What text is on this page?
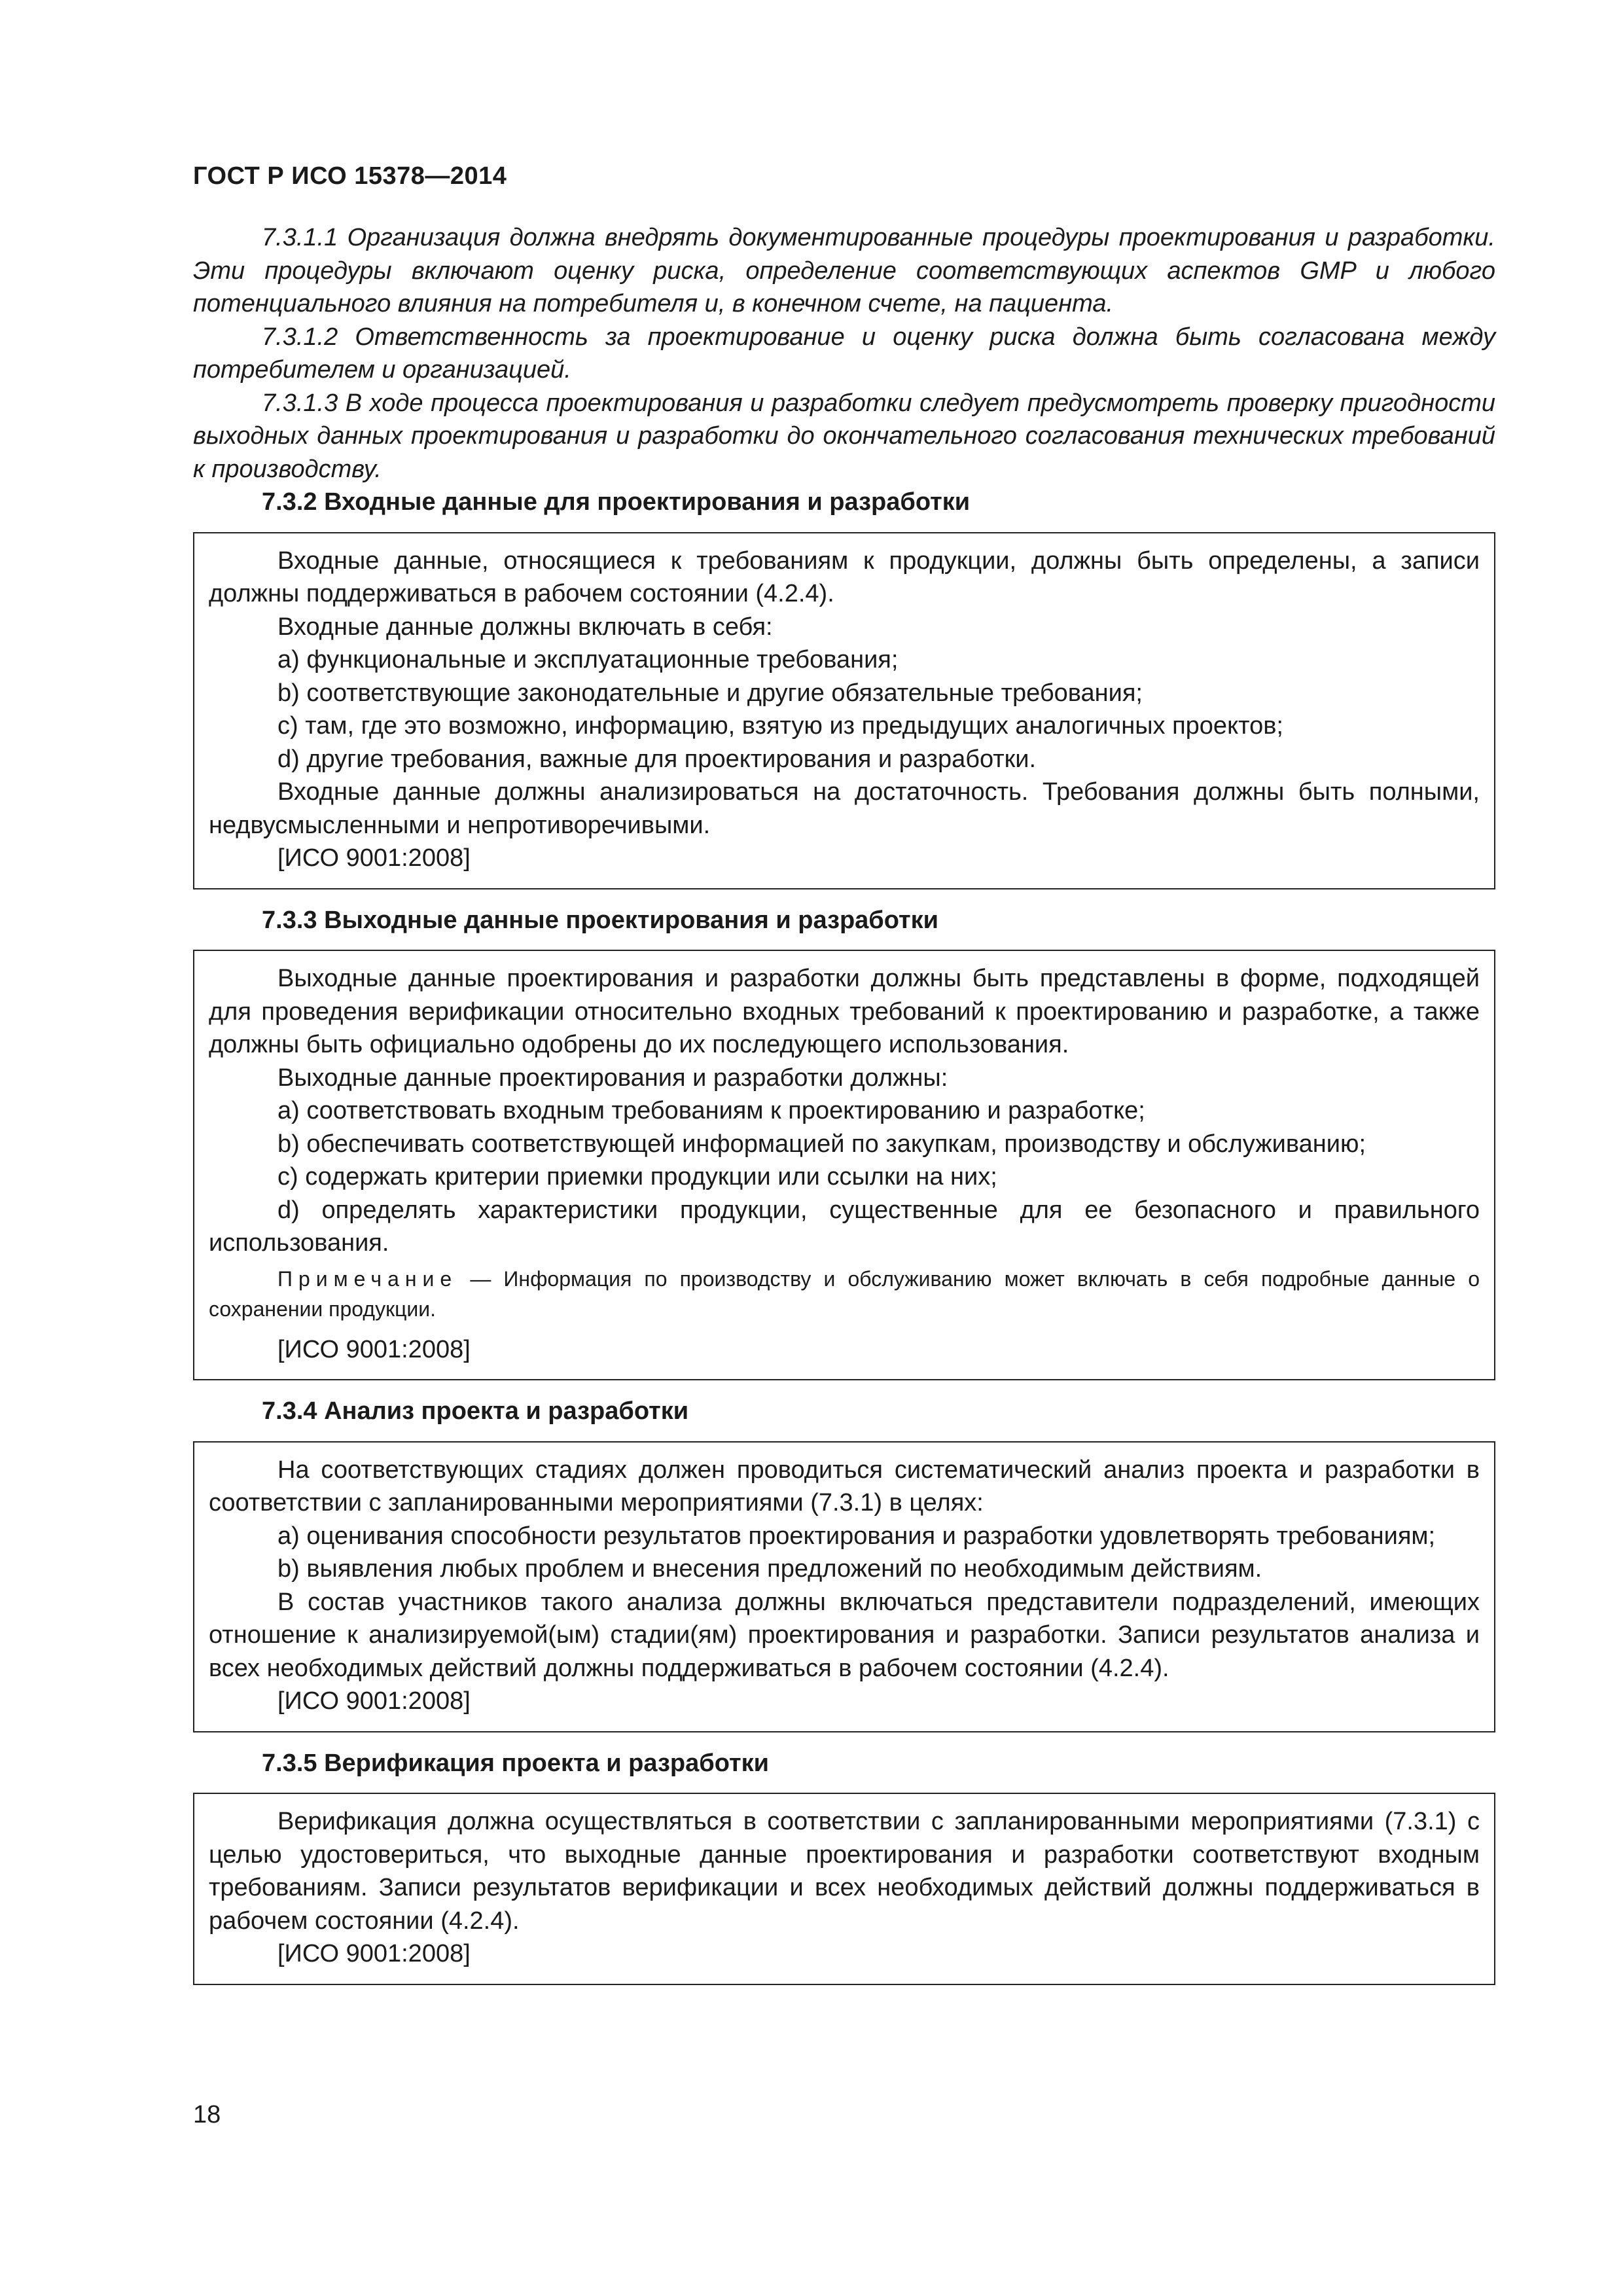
ГОСТ Р ИСО 15378—2014

7.3.1.1 Организация должна внедрять документированные процедуры проектирования и разработки. Эти процедуры включают оценку риска, определение соответствующих аспектов GMP и любого потенциального влияния на потребителя и, в конечном счете, на пациента.

7.3.1.2 Ответственность за проектирование и оценку риска должна быть согласована между потребителем и организацией.

7.3.1.3 В ходе процесса проектирования и разработки следует предусмотреть проверку пригодности выходных данных проектирования и разработки до окончательного согласования технических требований к производству.

7.3.2 Входные данные для проектирования и разработки

Входные данные, относящиеся к требованиям к продукции, должны быть определены, а записи должны поддерживаться в рабочем состоянии (4.2.4).

Входные данные должны включать в себя:

a) функциональные и эксплуатационные требования;

b) соответствующие законодательные и другие обязательные требования;

c) там, где это возможно, информацию, взятую из предыдущих аналогичных проектов;

d) другие требования, важные для проектирования и разработки.

Входные данные должны анализироваться на достаточность. Требования должны быть полными, недвусмысленными и непротиворечивыми.

[ИСО 9001:2008]

7.3.3 Выходные данные проектирования и разработки

Выходные данные проектирования и разработки должны быть представлены в форме, подходящей для проведения верификации относительно входных требований к проектированию и разработке, а также должны быть официально одобрены до их последующего использования.

Выходные данные проектирования и разработки должны:

a) соответствовать входным требованиям к проектированию и разработке;

b) обеспечивать соответствующей информацией по закупкам, производству и обслуживанию;

c) содержать критерии приемки продукции или ссылки на них;

d) определять характеристики продукции, существенные для ее безопасного и правильного использования.

Примечание — Информация по производству и обслуживанию может включать в себя подробные данные о сохранении продукции.

[ИСО 9001:2008]

7.3.4 Анализ проекта и разработки

На соответствующих стадиях должен проводиться систематический анализ проекта и разработки в соответствии с запланированными мероприятиями (7.3.1) в целях:

a) оценивания способности результатов проектирования и разработки удовлетворять требованиям;

b) выявления любых проблем и внесения предложений по необходимым действиям.

В состав участников такого анализа должны включаться представители подразделений, имеющих отношение к анализируемой(ым) стадии(ям) проектирования и разработки. Записи результатов анализа и всех необходимых действий должны поддерживаться в рабочем состоянии (4.2.4).

[ИСО 9001:2008]

7.3.5 Верификация проекта и разработки

Верификация должна осуществляться в соответствии с запланированными мероприятиями (7.3.1) с целью удостовериться, что выходные данные проектирования и разработки соответствуют входным требованиям. Записи результатов верификации и всех необходимых действий должны поддерживаться в рабочем состоянии (4.2.4).

[ИСО 9001:2008]

18
